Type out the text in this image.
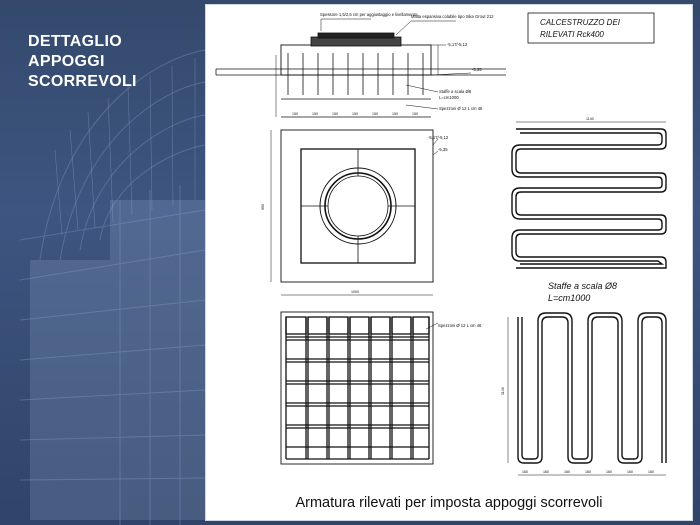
DETTAGLIO
APPOGGI
SCORREVOLI
Spessore 1,5/2,5 cm per aggiustaggio e livellamento
Malta espansiva colabile tipo Sika Grout 212
-5,17/-5,12
-5,35
Staffe a scala Ø8
L=cm1000
Spezzoni Ø 12 L cm 46
150	150	150	150	150	150	150
CALCESTRUZZO DEI
RILEVATI Rck400
-5,17/-5,12
-5,35
1000
950
Spezzoni Ø 12 L cm 46
1140
Staffe a scala Ø8
L=cm1000
1140
160	160	160	160	160	160	160
Armatura rilevati per imposta appoggi scorrevoli
